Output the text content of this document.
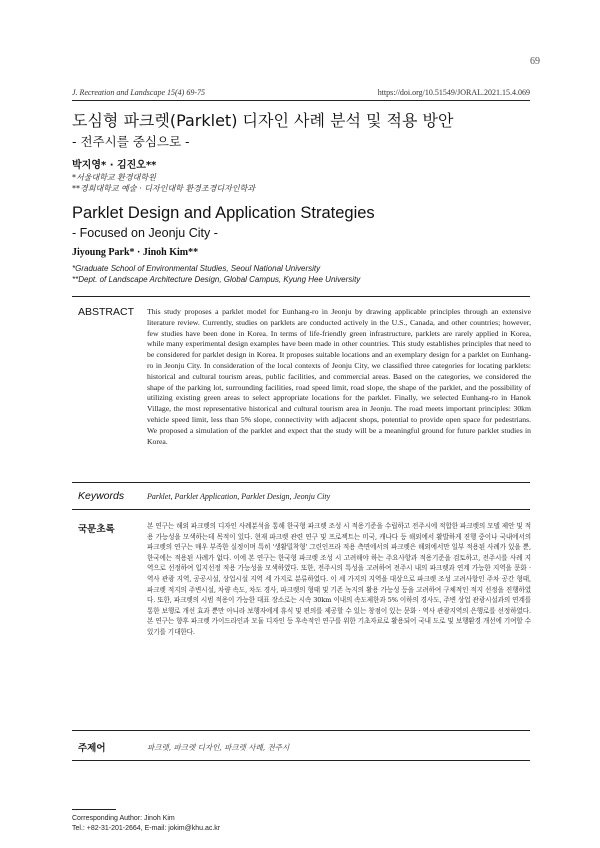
69
J. Recreation and Landscape 15(4) 69-75	https://doi.org/10.51549/JORAL.2021.15.4.069
도심형 파크렛(Parklet) 디자인 사례 분석 및 적용 방안
- 전주시를 중심으로 -
박지영* · 김진오**
*서울대학교 환경대학원
**경희대학교 예술 · 디자인대학 환경조경디자인학과
Parklet Design and Application Strategies
- Focused on Jeonju City -
Jiyoung Park* · Jinoh Kim**
*Graduate School of Environmental Studies, Seoul National University
**Dept. of Landscape Architecture Design, Global Campus, Kyung Hee University
ABSTRACT This study proposes a parklet model for Eunhang-ro in Jeonju by drawing applicable principles through an extensive literature review. Currently, studies on parklets are conducted actively in the U.S., Canada, and other countries; however, few studies have been done in Korea. In terms of life-friendly green infrastructure, parklets are rarely applied in Korea, while many experimental design examples have been made in other countries. This study establishes principles that need to be considered for parklet design in Korea. It proposes suitable locations and an exemplary design for a parklet on Eunhang-ro in Jeonju City. In consideration of the local contexts of Jeonju City, we classified three categories for locating parklets: historical and cultural tourism areas, public facilities, and commercial areas. Based on the categories, we considered the shape of the parking lot, surrounding facilities, road speed limit, road slope, the shape of the parklet, and the possibility of utilizing existing green areas to select appropriate locations for the parklet. Finally, we selected Eunhang-ro in Hanok Village, the most representative historical and cultural tourism area in Jeonju. The road meets important principles: 30km vehicle speed limit, less than 5% slope, connectivity with adjacent shops, potential to provide open space for pedestrians. We proposed a simulation of the parklet and expect that the study will be a meaningful ground for future parklet studies in Korea.
Keywords	Parklet, Parklet Application, Parklet Design, Jeonju City
국문초록	본 연구는 해외 파크렛의 디자인 사례분석을 통해 한국형 파크렛 조성 시 적용기준을 수립하고 전주시에 적합한 파크렛의 모델 제안 및 적용 가능성을 모색하는데 목적이 있다. 현재 파크렛 관련 연구 및 프로젝트는 미국, 캐나다 등 해외에서 활발하게 진행 중이나 국내에서의 파크렛의 연구는 매우 부족한 실정이며 특히 '생활밀착형' 그린인프라 적용 측면에서의 파크렛은 해외에서만 일부 적용된 사례가 있을 뿐, 한국에는 적용된 사례가 없다. 이에 본 연구는 한국형 파크렛 조성 시 고려해야 하는 주요사항과 적용기준을 검토하고, 전주시를 사례 지역으로 선정하여 입지선정 적용 가능성을 모색하였다. 또한, 전주시의 특성을 고려하여 전주시 내의 파크렛과 연계 가능한 지역을 문화 · 역사 관광 지역, 공공시설, 상업시설 지역 세 가지로 분류하였다. 이 세 가지의 지역을 대상으로 파크렛 조성 고려사항인 주차 공간 형태, 파크렛 적지의 주변시설, 차량 속도, 차도 경사, 파크렛의 형태 및 기존 녹지의 활용 가능성 등을 고려하여 구체적인 적지 선정을 진행하였다. 또한, 파크렛의 시범 적용이 가능한 대표 장소로는 시속 30km 이내의 속도제한과 5% 이하의 경사도, 주변 상업 관광시설과의 연계를 통한 보행로 개선 효과 뿐만 아니라 보행자에게 휴식 및 편의를 제공할 수 있는 창점이 있는 문화 · 역사 관광지역의 은행로를 선정하였다. 본 연구는 향후 파크렛 가이드라인과 모듈 디자인 등 후속적인 연구를 위한 기초자료로 활용되어 국내 도로 및 보행환경 개선에 기여할 수 있기를 기대한다.
주제어	파크렛, 파크렛 디자인, 파크렛 사례, 전주시
Corresponding Author: Jinoh Kim
Tel.: +82-31-201-2664, E-mail: jokim@khu.ac.kr
